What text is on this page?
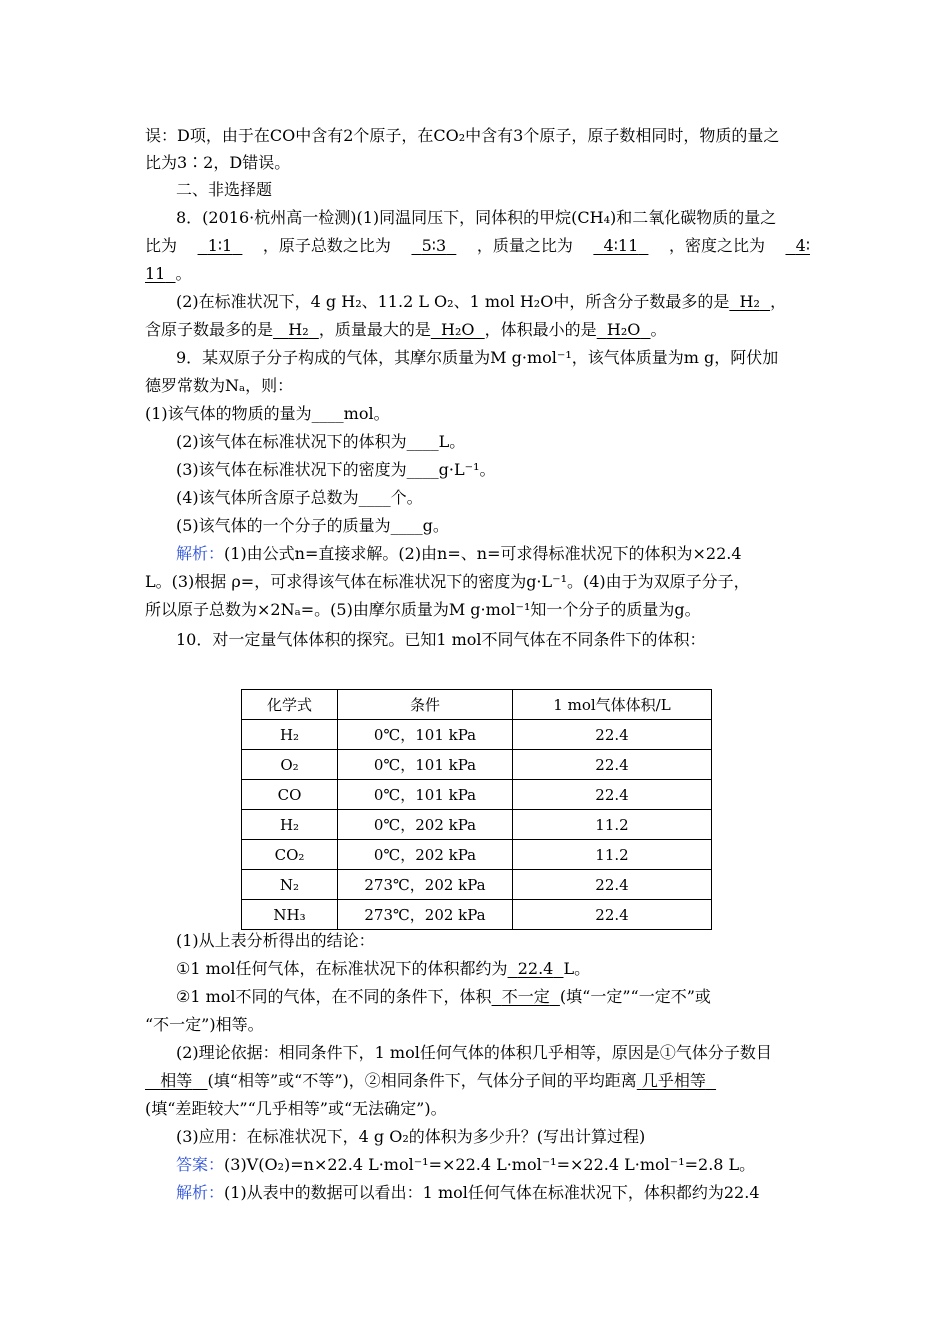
误：D项，由于在CO中含有2个原子，在CO₂中含有3个原子，原子数相同时，物质的量之
比为3∶2，D错误。
二、非选择题
8．(2016·杭州高一检测)(1)同温同压下，同体积的甲烷(CH₄)和二氧化碳物质的量之
比为	1∶1	，原子总数之比为	5∶3	，质量之比为	4∶11	，密度之比为	4∶
11 。
(2)在标准状况下，4 g H₂、11.2 L O₂、1 mol H₂O中，所含分子数最多的是 H₂ ，
含原子数最多的是 H₂ ，质量最大的是 H₂O ，体积最小的是 H₂O 。
9．某双原子分子构成的气体，其摩尔质量为M g·mol⁻¹，该气体质量为m g，阿伏加
德罗常数为Nₐ，则：
(1)该气体的物质的量为____mol。
(2)该气体在标准状况下的体积为____L。
(3)该气体在标准状况下的密度为____g·L⁻¹。
(4)该气体所含原子总数为____个。
(5)该气体的一个分子的质量为____g。
解析：(1)由公式n=直接求解。(2)由n=、n=可求得标准状况下的体积为×22.4
L。(3)根据 ρ=，可求得该气体在标准状况下的密度为g·L⁻¹。(4)由于为双原子分子，
所以原子总数为×2Nₐ=。(5)由摩尔质量为M g·mol⁻¹知一个分子的质量为g。
10．对一定量气体体积的探究。已知1 mol不同气体在不同条件下的体积：
化学式	条件	1 mol气体体积/L
H₂	0℃，101 kPa	22.4
O₂	0℃，101 kPa	22.4
CO	0℃，101 kPa	22.4
H₂	0℃，202 kPa	11.2
CO₂	0℃，202 kPa	11.2
N₂	273℃，202 kPa	22.4
NH₃	273℃，202 kPa	22.4
(1)从上表分析得出的结论：
①1 mol任何气体，在标准状况下的体积都约为 22.4 L。
②1 mol不同的气体，在不同的条件下，体积 不一定 (填“一定”“一定不”或
“不一定”)相等。
(2)理论依据：相同条件下，1 mol任何气体的体积几乎相等，原因是①气体分子数目
相等 (填“相等”或“不等”)，②相同条件下，气体分子间的平均距离 几乎相等
(填“差距较大”“几乎相等”或“无法确定”)。
(3)应用：在标准状况下，4 g O₂的体积为多少升？(写出计算过程)
答案：(3)V(O₂)=n×22.4 L·mol⁻¹=×22.4 L·mol⁻¹=×22.4 L·mol⁻¹=2.8 L。
解析：(1)从表中的数据可以看出：1 mol任何气体在标准状况下，体积都约为22.4
